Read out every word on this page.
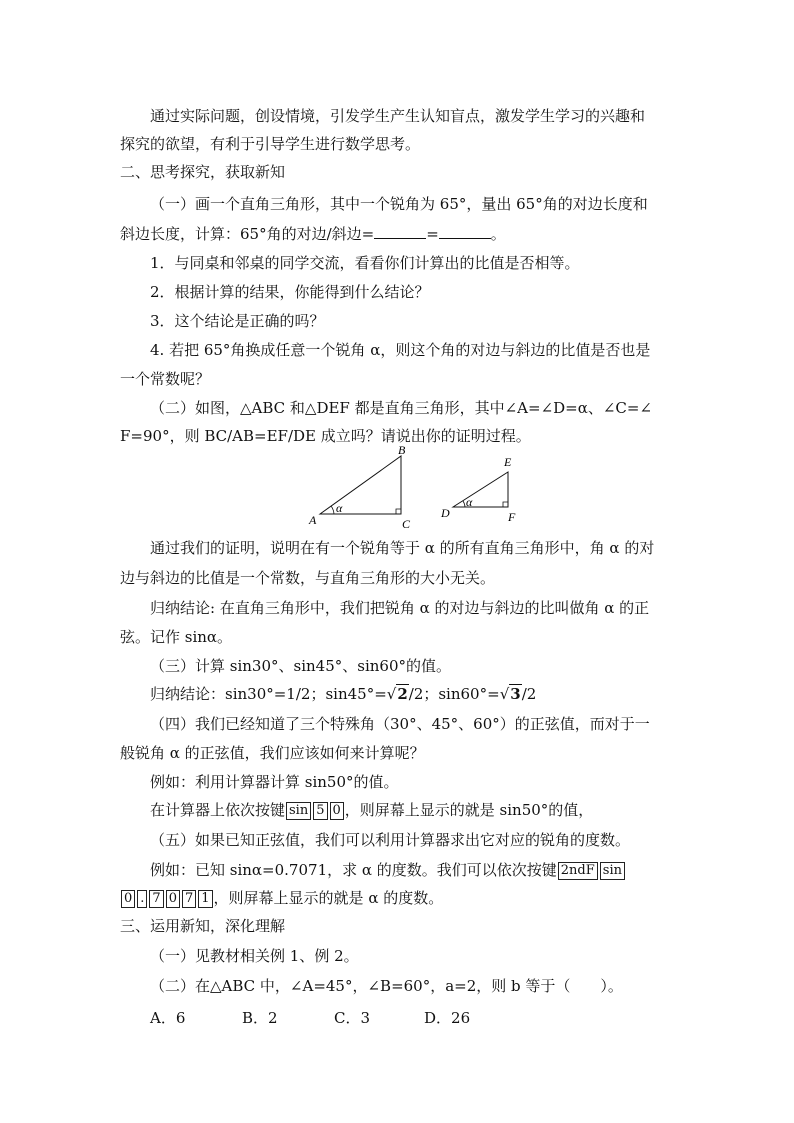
通过实际问题，创设情境，引发学生产生认知盲点，激发学生学习的兴趣和
探究的欲望，有利于引导学生进行数学思考。
二、思考探究，获取新知
（一）画一个直角三角形，其中一个锐角为 65°，量出 65°角的对边长度和
斜边长度，计算：65°角的对边/斜边=	=	。
1．与同桌和邻桌的同学交流，看看你们计算出的比值是否相等。
2．根据计算的结果，你能得到什么结论？
3．这个结论是正确的吗？
4. 若把 65°角换成任意一个锐角 α，则这个角的对边与斜边的比值是否也是
一个常数呢？
（二）如图，△ABC 和△DEF 都是直角三角形，其中∠A=∠D=α、∠C=∠
F=90°，则 BC/AB=EF/DE 成立吗？请说出你的证明过程。
A
B
C
α	D
E
F
α
通过我们的证明，说明在有一个锐角等于 α 的所有直角三角形中，角 α 的对
边与斜边的比值是一个常数，与直角三角形的大小无关。
归纳结论: 在直角三角形中，我们把锐角 α 的对边与斜边的比叫做角 α 的正
弦。记作 sinα。
（三）计算 sin30°、sin45°、sin60°的值。
归纳结论：sin30°=1/2；sin45°=√2/2；sin60°=√3/2
（四）我们已经知道了三个特殊角（30°、45°、60°）的正弦值，而对于一
般锐角 α 的正弦值，我们应该如何来计算呢？
例如：利用计算器计算 sin50°的值。
在计算器上依次按键 sin 5 0 ，则屏幕上显示的就是 sin50°的值，
（五）如果已知正弦值，我们可以利用计算器求出它对应的锐角的度数。
例如：已知 sinα=0.7071，求 α 的度数。我们可以依次按键 2ndF sin
0 . 7 0 7 1 ，则屏幕上显示的就是 α 的度数。
三、运用新知，深化理解
（一）见教材相关例 1、例 2。
（二）在△ABC 中，∠A=45°，∠B=60°，a=2，则 b 等于（　　）。
A．6	B．2	C．3	D．26
